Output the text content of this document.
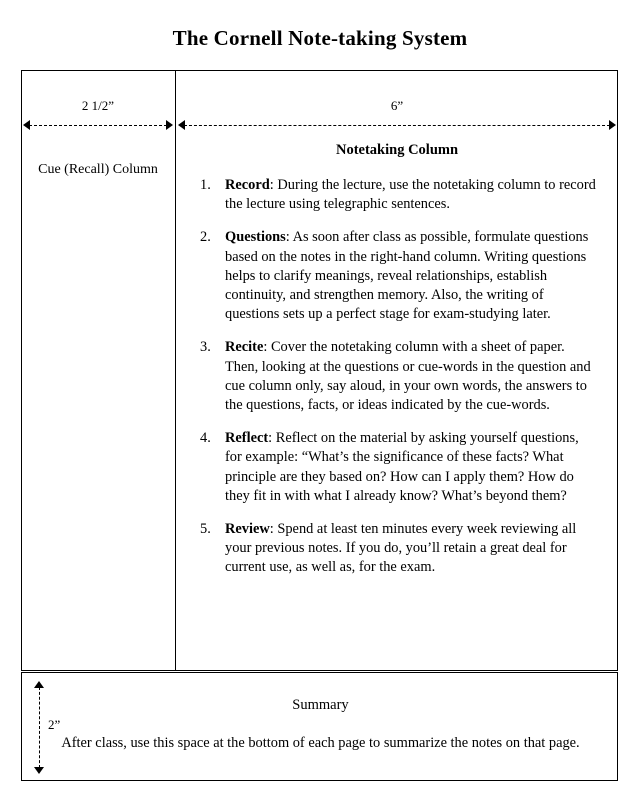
The Cornell Note-taking System
2 1/2”	6”
Cue (Recall) Column
Notetaking Column
1. Record: During the lecture, use the notetaking column to record the lecture using telegraphic sentences.
2. Questions: As soon after class as possible, formulate questions based on the notes in the right-hand column. Writing questions helps to clarify meanings, reveal relationships, establish continuity, and strengthen memory. Also, the writing of questions sets up a perfect stage for exam-studying later.
3. Recite: Cover the notetaking column with a sheet of paper. Then, looking at the questions or cue-words in the question and cue column only, say aloud, in your own words, the answers to the questions, facts, or ideas indicated by the cue-words.
4. Reflect: Reflect on the material by asking yourself questions, for example: “What’s the significance of these facts? What principle are they based on? How can I apply them? How do they fit in with what I already know? What’s beyond them?
5. Review: Spend at least ten minutes every week reviewing all your previous notes. If you do, you’ll retain a great deal for current use, as well as, for the exam.
2”
Summary
After class, use this space at the bottom of each page to summarize the notes on that page.
